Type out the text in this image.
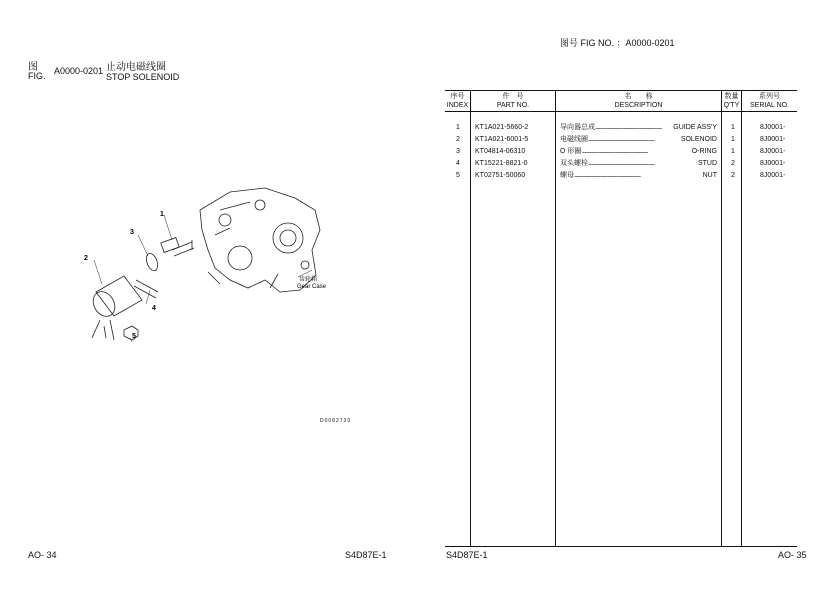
图
FIG. A0000-0201 止动电磁线圈
STOP SOLENOID
1
2
3
4
5
齿轮箱
Gear Case
D0082739
AO- 34	S4D87E-1
图号 FIG NO. ：A0000-0201
序号
INDEX
件　号
PART NO.
名　　称
DESCRIPTION
数量
Q'TY
系列号
SERIAL NO.
1 KT1A021-5660-2	导向器总成 ......................................................................	GUIDE ASS'Y 1	8J0001-
2 KT1A021-6001-5	电磁线圈 ......................................................................	SOLENOID 1	8J0001-
3 KT04814-06310	O 形圈 ......................................................................	O-RING 1	8J0001-
4 KT15221-8821-0	双头螺栓 ......................................................................	STUD 2	8J0001-
5 KT02751-50060	螺母 ......................................................................	NUT 2	8J0001-
S4D87E-1	AO- 35
